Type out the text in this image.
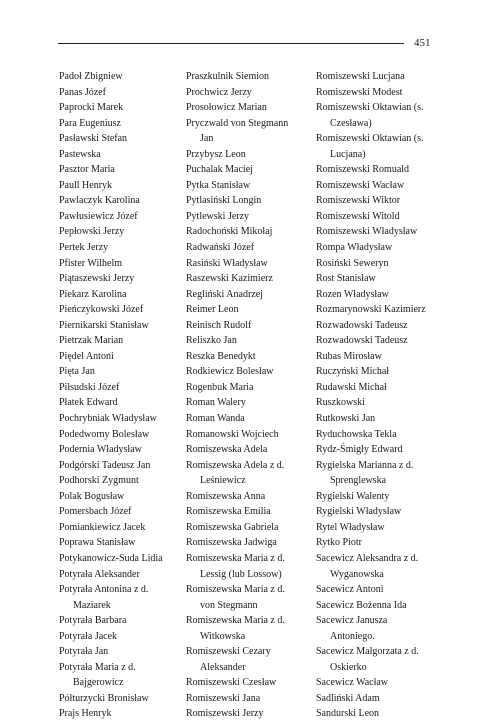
451
Padoł Zbigniew
Panas Józef
Paprocki Marek
Para Eugeniusz
Pasławski Stefan
Pastewska
Pasztor Maria
Paull Henryk
Pawlaczyk Karolina
Pawłusiewicz Józef
Pepłowski Jerzy
Pertek Jerzy
Pfister Wilhelm
Piątaszewski Jerzy
Piekarz Karolina
Pieńczykowski Józef
Piernikarski Stanisław
Pietrzak Marian
Piędel Antoni
Pięta Jan
Piłsudski Józef
Płatek Edward
Pochrybniak Władysław
Podedworny Bolesław
Podernia Władysław
Podgórski Tadeusz Jan
Podhorski Zygmunt
Polak Bogusław
Pomersbach Józef
Pomiankiewicz Jacek
Poprawa Stanisław
Potykanowicz-Suda Lidia
Potyrała Aleksander
Potyrała Antonina z d.
Maziarek
Potyrała Barbara
Potyrała Jacek
Potyrała Jan
Potyrała Maria z d.
Bajgerowicz
Półturzycki Bronisław
Prajs Henryk
Praszkulnik Siemion
Prochwicz Jerzy
Prosołowicz Marian
Pryczwald von Stegmann
Jan
Przybysz Leon
Puchalak Maciej
Pytka Stanisław
Pytlasiński Longin
Pytlewski Jerzy
Radochoński Mikołaj
Radwański Józef
Rasiński Władysław
Raszewski Kazimierz
Regliński Anadrzej
Reimer Leon
Reinisch Rudolf
Reliszko Jan
Reszka Benedykt
Rodkiewicz Bolesław
Rogenbuk Maria
Roman Walery
Roman Wanda
Romanowski Wojciech
Romiszewska Adela
Romiszewska Adela z d.
Leśniewicz
Romiszewska Anna
Romiszewska Emilia
Romiszewska Gabriela
Romiszewska Jadwiga
Romiszewska Maria z d.
Lessig (lub Lossow)
Romiszewska Maria z d.
von Stegmann
Romiszewska Maria z d.
Witkowska
Romiszewski Cezary
Aleksander
Romiszewski Czesław
Romiszewski Jana
Romiszewski Jerzy
Romiszewski Lucjana
Romiszewski Modest
Romiszewski Oktawian (s.
Czesława)
Romiszewski Oktawian (s.
Lucjana)
Romiszewski Romuald
Romiszewski Wacław
Romiszewski Wiktor
Romiszewski Witold
Romiszewski Władysław
Rompa Władysław
Rosiński Seweryn
Rost Stanisław
Rozen Władysław
Rozmarynowski Kazimierz
Rozwadowski Tadeusz
Rozwadowski Tadeusz
Rubas Mirosław
Ruczyński Michał
Rudawski Michał
Ruszkowski
Rutkowski Jan
Ryduchowska Tekla
Rydz-Śmigły Edward
Rygielska Marianna z d.
Sprenglewska
Rygielski Walenty
Rygielski Władysław
Rytel Władysław
Rytko Piotr
Sacewicz Aleksandra z d.
Wyganowska
Sacewicz Antoni
Sacewicz Bożenna Ida
Sacewicz Janusza
Antoniego.
Sacewicz Małgorzata z d.
Oskierko
Sacewicz Wacław
Sadliński Adam
Sandurski Leon
